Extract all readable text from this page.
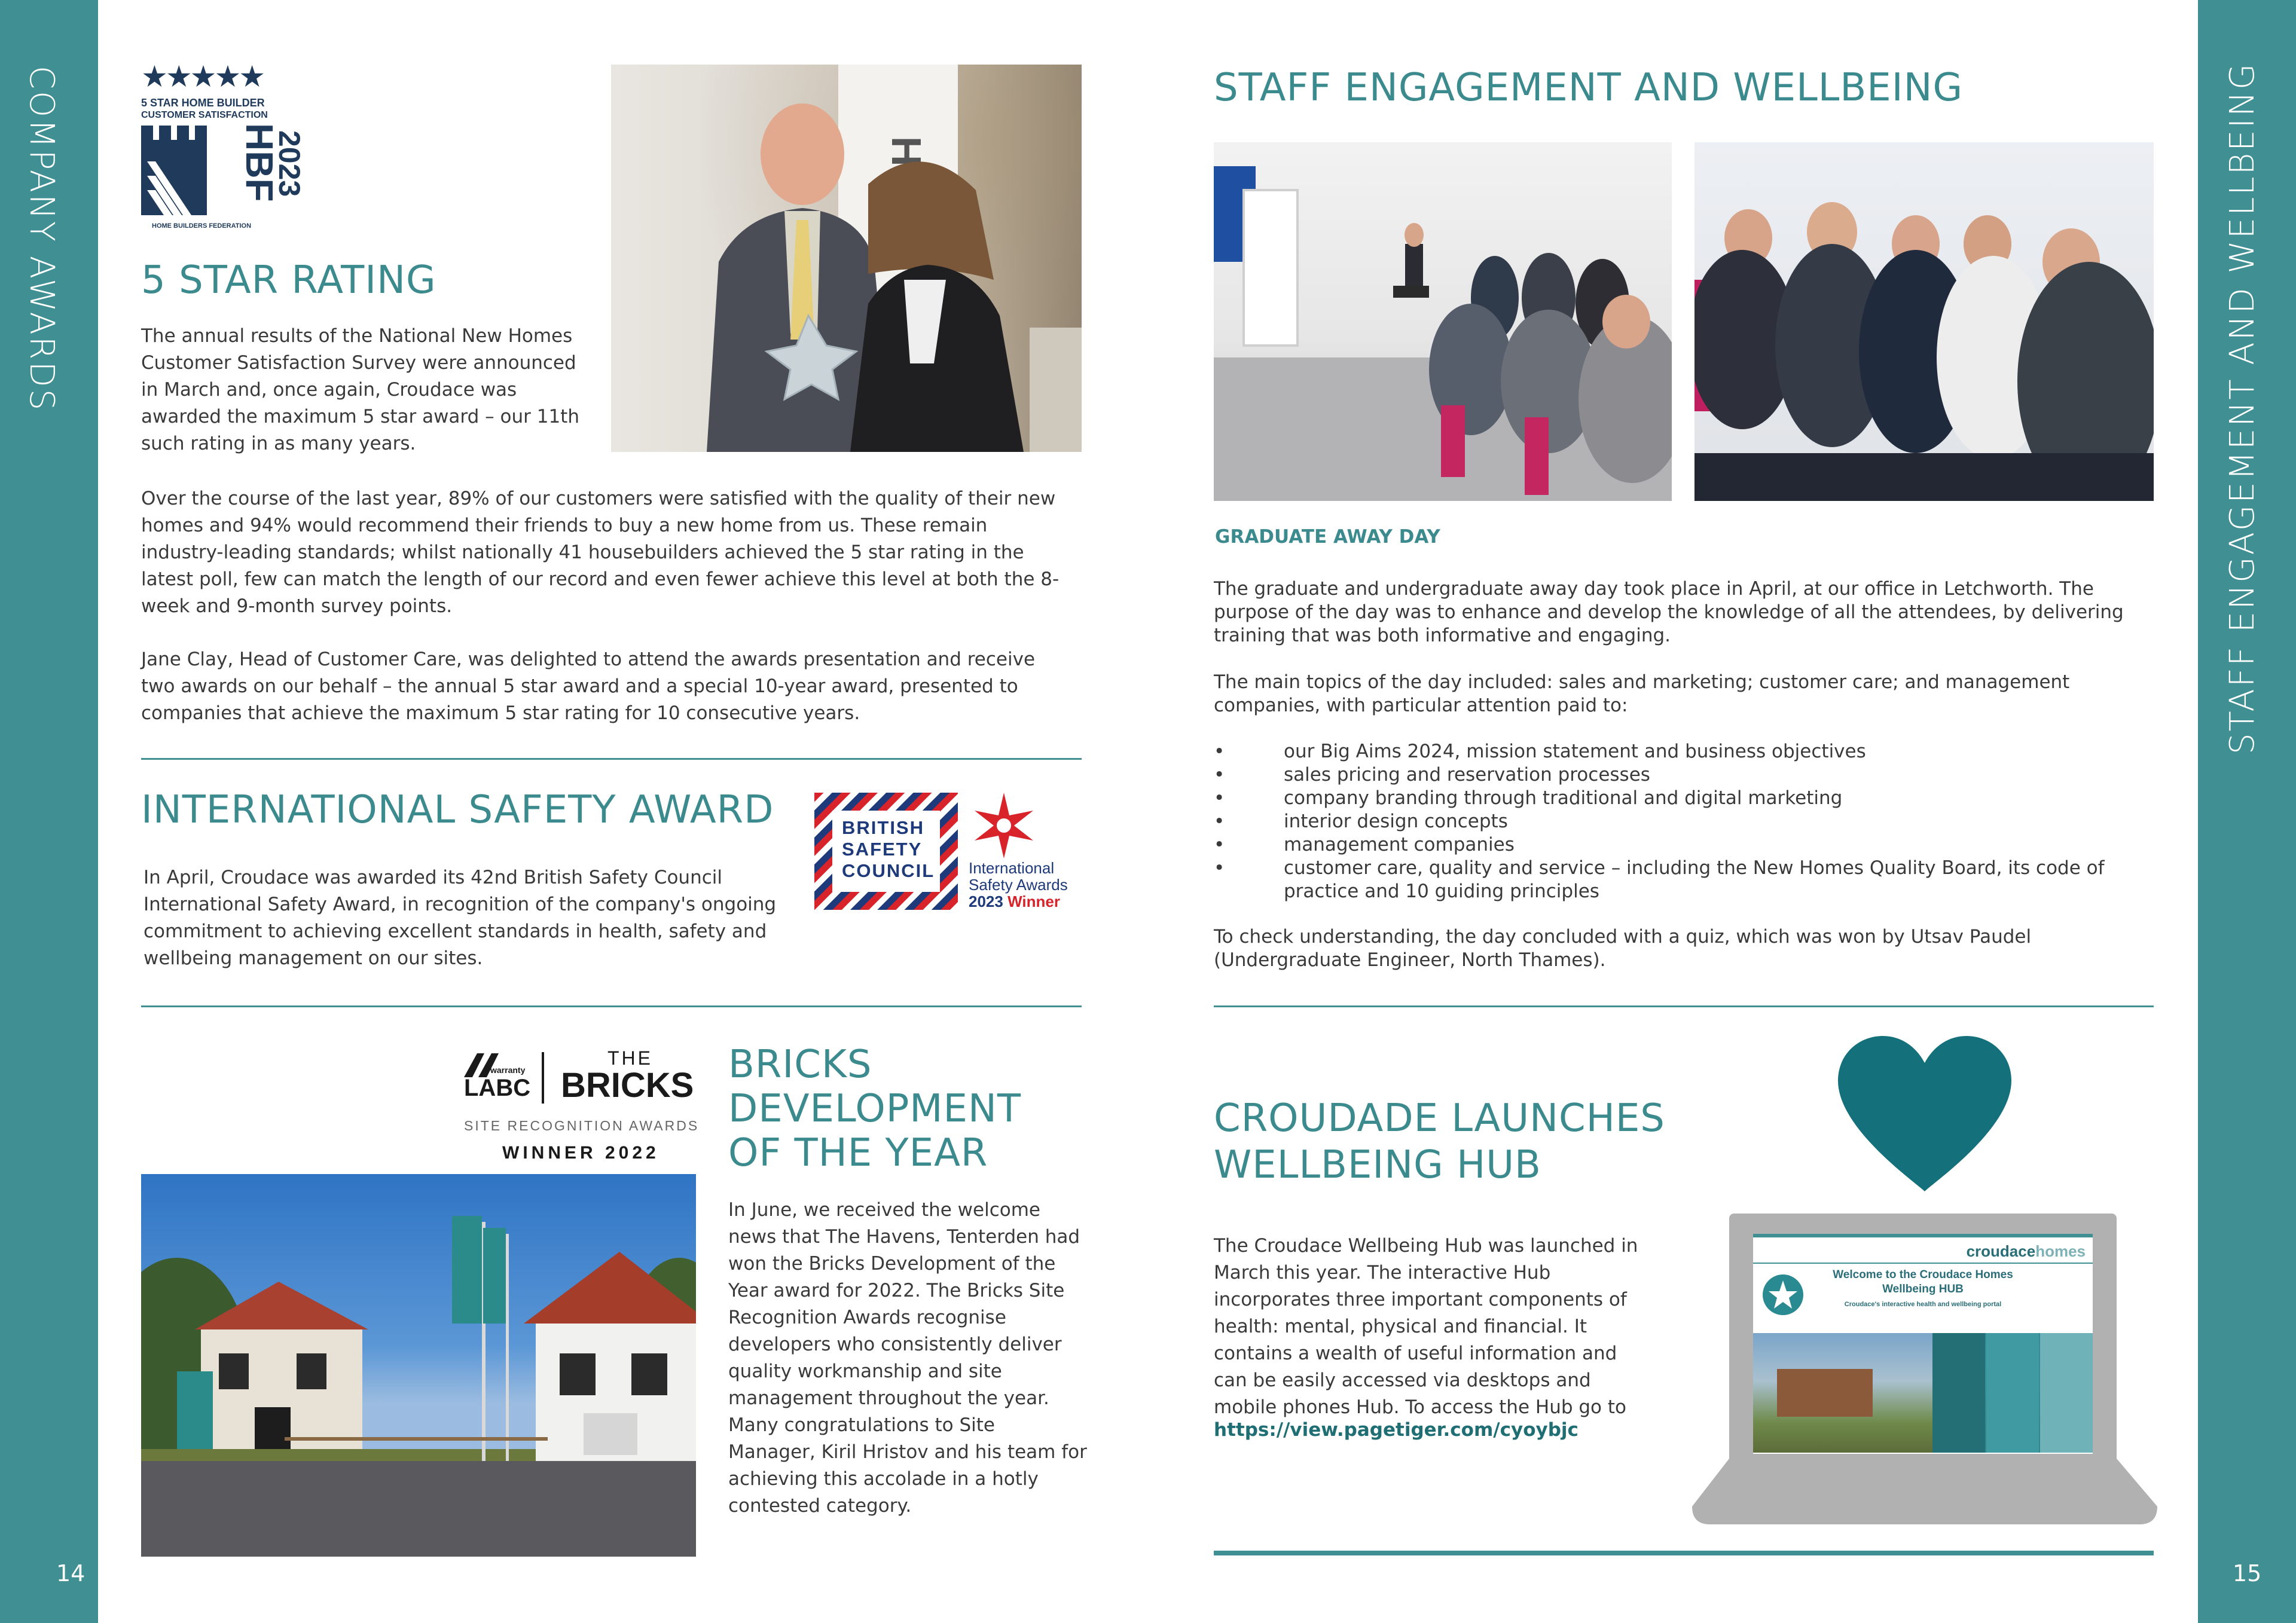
COMPANY AWARDS
14
STAFF ENGAGEMENT AND WELLBEING
15
★★★★★
5 STAR HOME BUILDER
CUSTOMER SATISFACTION
HBF
2023
HOME BUILDERS FEDERATION
5 STAR RATING

The annual results of the National New Homes Customer Satisfaction Survey were announced in March and, once again, Croudace was awarded the maximum 5 star award – our 11th such rating in as many years.

Over the course of the last year, 89% of our customers were satisfied with the quality of their new homes and 94% would recommend their friends to buy a new home from us. These remain industry-leading standards; whilst nationally 41 housebuilders achieved the 5 star rating in the latest poll, few can match the length of our record and even fewer achieve this level at both the 8-week and 9-month survey points.

Jane Clay, Head of Customer Care, was delighted to attend the awards presentation and receive two awards on our behalf – the annual 5 star award and a special 10-year award, presented to companies that achieve the maximum 5 star rating for 10 consecutive years.

INTERNATIONAL SAFETY AWARD

In April, Croudace was awarded its 42nd British Safety Council International Safety Award, in recognition of the company's ongoing commitment to achieving excellent standards in health, safety and wellbeing management on our sites.

BRITISH
SAFETY
COUNCIL International
Safety Awards
2023 Winner
warranty
LABC
THE
BRICKS
SITE RECOGNITION AWARDS
WINNER 2022
BRICKS
DEVELOPMENT
OF THE YEAR

In June, we received the welcome news that The Havens, Tenterden had won the Bricks Development of the Year award for 2022. The Bricks Site Recognition Awards recognise developers who consistently deliver quality workmanship and site management throughout the year. Many congratulations to Site Manager, Kiril Hristov and his team for achieving this accolade in a hotly contested category.

STAFF ENGAGEMENT AND WELLBEING
GRADUATE AWAY DAY

The graduate and undergraduate away day took place in April, at our office in Letchworth. The purpose of the day was to enhance and develop the knowledge of all the attendees, by delivering training that was both informative and engaging.

The main topics of the day included: sales and marketing; customer care; and management companies, with particular attention paid to:

•	our Big Aims 2024, mission statement and business objectives
•	sales pricing and reservation processes
•	company branding through traditional and digital marketing
•	interior design concepts
•	management companies
•	customer care, quality and service – including the New Homes Quality Board, its code of practice and 10 guiding principles

To check understanding, the day concluded with a quiz, which was won by Utsav Paudel (Undergraduate Engineer, North Thames).

CROUDADE LAUNCHES
WELLBEING HUB

The Croudace Wellbeing Hub was launched in March this year. The interactive Hub incorporates three important components of health: mental, physical and financial. It contains a wealth of useful information and can be easily accessed via desktops and mobile phones Hub. To access the Hub go to

https://view.pagetiger.com/cyoybjc
croudacehomes
Welcome to the Croudace Homes
Wellbeing HUB
Croudace's interactive health and wellbeing portal
